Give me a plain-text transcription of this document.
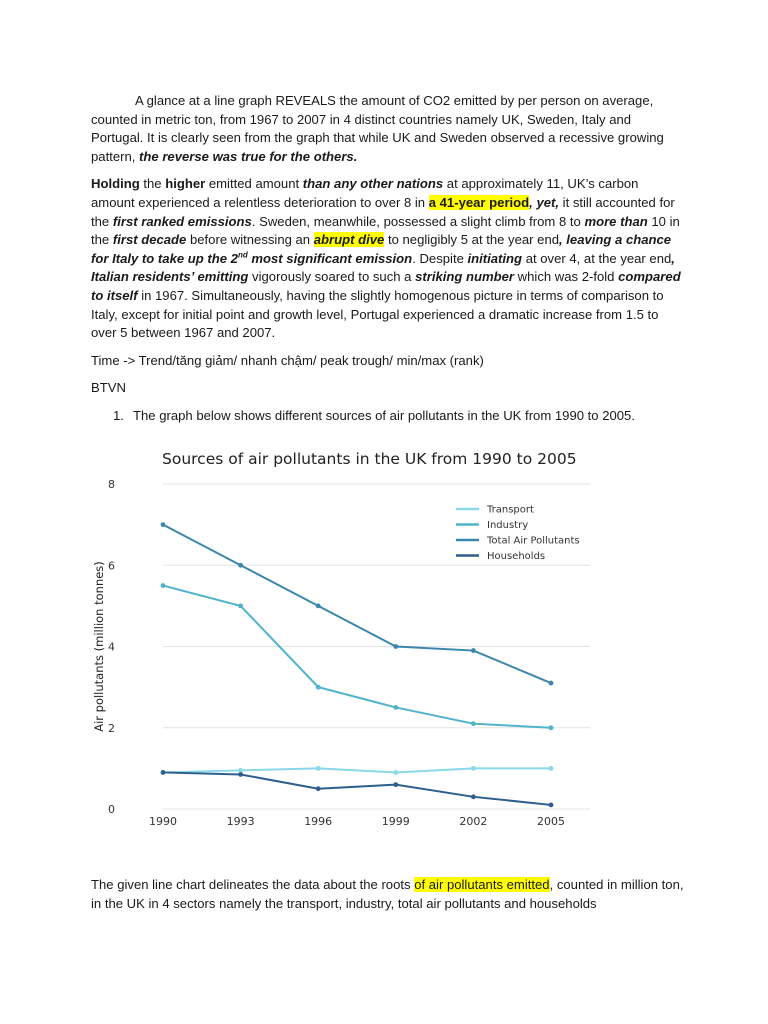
A glance at a line graph REVEALS the amount of CO2 emitted by per person on average, counted in metric ton, from 1967 to 2007 in 4 distinct countries namely UK, Sweden, Italy and Portugal. It is clearly seen from the graph that while UK and Sweden observed a recessive growing pattern, the reverse was true for the others.

Holding the higher emitted amount than any other nations at approximately 11, UK’s carbon amount experienced a relentless deterioration to over 8 in a 41-year period, yet, it still accounted for the first ranked emissions. Sweden, meanwhile, possessed a slight climb from 8 to more than 10 in the first decade before witnessing an abrupt dive to negligibly 5 at the year end, leaving a chance for Italy to take up the 2nd most significant emission. Despite initiating at over 4, at the year end, Italian residents’ emitting vigorously soared to such a striking number which was 2-fold compared to itself in 1967. Simultaneously, having the slightly homogenous picture in terms of comparison to Italy, except for initial point and growth level, Portugal experienced a dramatic increase from 1.5 to over 5 between 1967 and 2007.

Time -> Trend/tăng giảm/ nhanh chậm/ peak trough/ min/max (rank)

BTVN

1. The graph below shows different sources of air pollutants in the UK from 1990 to 2005.
Sources of air pollutants in the UK from 1990 to 2005
0
2
4
6
8
1990	1993	1996	1999	2002	2005
Air pollutants (million tonnes)
Transport
Industry
Total Air Pollutants
Households

The given line chart delineates the data about the roots of air pollutants emitted, counted in million ton, in the UK in 4 sectors namely the transport, industry, total air pollutants and households
